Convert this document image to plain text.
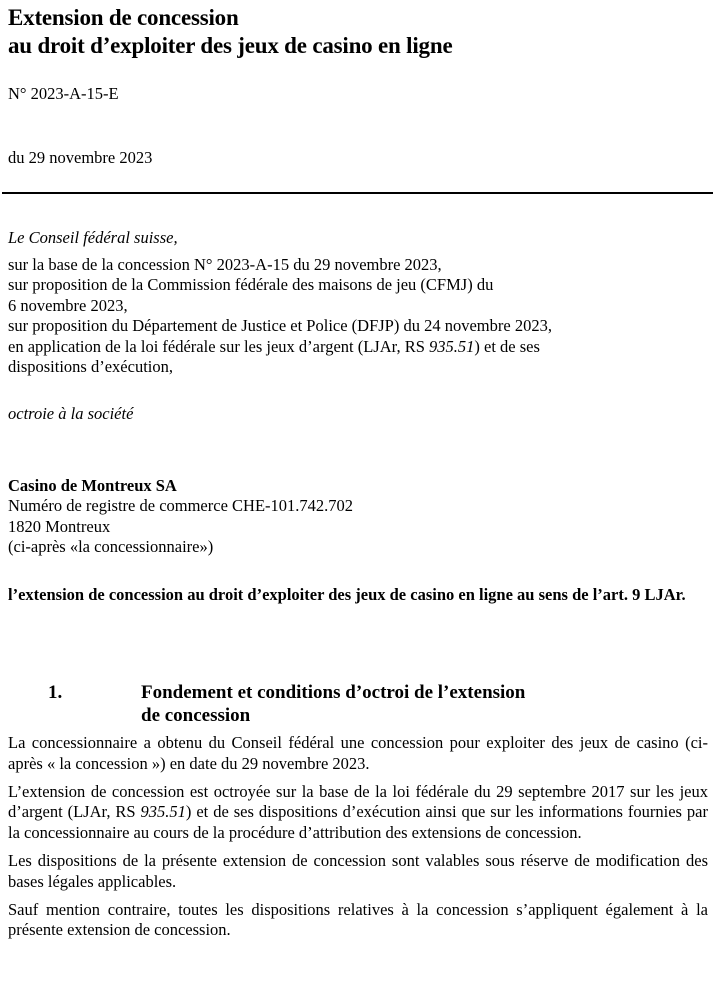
Extension de concession
au droit d’exploiter des jeux de casino en ligne
N° 2023-A-15-E
du 29 novembre 2023
Le Conseil fédéral suisse,
sur la base de la concession N° 2023-A-15 du 29 novembre 2023,
sur proposition de la Commission fédérale des maisons de jeu (CFMJ) du
6 novembre 2023,
sur proposition du Département de Justice et Police (DFJP) du 24 novembre 2023,
en application de la loi fédérale sur les jeux d’argent (LJAr, RS 935.51) et de ses
dispositions d’exécution,
octroie à la société
Casino de Montreux SA
Numéro de registre de commerce CHE-101.742.702
1820 Montreux
(ci-après «la concessionnaire»)
l’extension de concession au droit d’exploiter des jeux de casino en ligne au sens de l’art. 9 LJAr.
1.	Fondement et conditions d’octroi de l’extension
de concession

La concessionnaire a obtenu du Conseil fédéral une concession pour exploiter des jeux de casino (ci-après « la concession ») en date du 29 novembre 2023.

L’extension de concession est octroyée sur la base de la loi fédérale du 29 septembre 2017 sur les jeux d’argent (LJAr, RS 935.51) et de ses dispositions d’exécution ainsi que sur les informations fournies par la concessionnaire au cours de la procédure d’attribution des extensions de concession.

Les dispositions de la présente extension de concession sont valables sous réserve de modification des bases légales applicables.

Sauf mention contraire, toutes les dispositions relatives à la concession s’appliquent également à la présente extension de concession.
